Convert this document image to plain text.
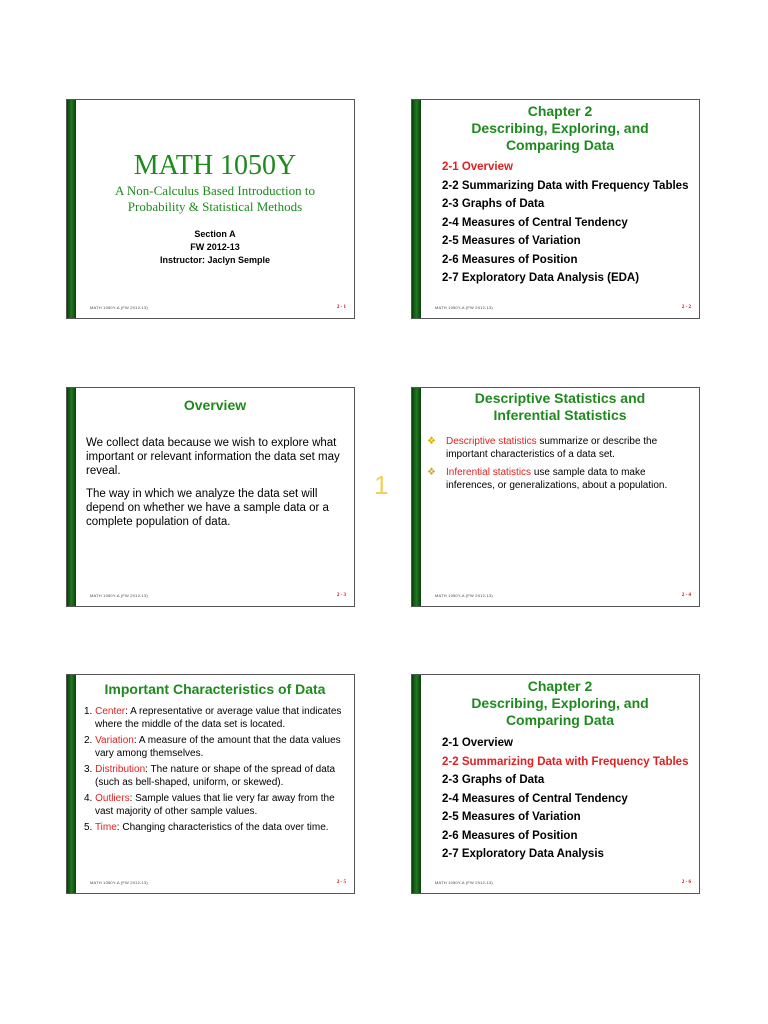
MATH 1050Y
A Non-Calculus Based Introduction to
Probability & Statistical Methods
Section A
FW 2012-13
Instructor: Jaclyn Semple
MATH 1050Y-A (FW 2012-13)	2 - 1
Chapter 2
Describing, Exploring, and
Comparing Data
2-1 Overview
2-2 Summarizing Data with Frequency Tables
2-3 Graphs of Data
2-4 Measures of Central Tendency
2-5 Measures of Variation
2-6 Measures of Position
2-7 Exploratory Data Analysis (EDA)
MATH 1050Y-A (FW 2012-13)	2 - 2
Overview
We collect data because we wish to explore what important or relevant information the data set may reveal.
The way in which we analyze the data set will depend on whether we have a sample data or a complete population of data.
MATH 1050Y-A (FW 2012-13)	2 - 3
Descriptive Statistics and
Inferential Statistics
❖ Descriptive statistics summarize or describe the important characteristics of a data set.
❖ Inferential statistics use sample data to make inferences, or generalizations, about a population.
MATH 1050Y-A (FW 2012-13)	2 - 4
Important Characteristics of Data
1. Center: A representative or average value that indicates where the middle of the data set is located.
2. Variation: A measure of the amount that the data values vary among themselves.
3. Distribution: The nature or shape of the spread of data (such as bell-shaped, uniform, or skewed).
4. Outliers: Sample values that lie very far away from the vast majority of other sample values.
5. Time: Changing characteristics of the data over time.
MATH 1050Y-A (FW 2012-13)	2 - 5
Chapter 2
Describing, Exploring, and
Comparing Data
2-1 Overview
2-2 Summarizing Data with Frequency Tables
2-3 Graphs of Data
2-4 Measures of Central Tendency
2-5 Measures of Variation
2-6 Measures of Position
2-7 Exploratory Data Analysis
MATH 1050Y-A (FW 2012-13)	2 - 6
1
